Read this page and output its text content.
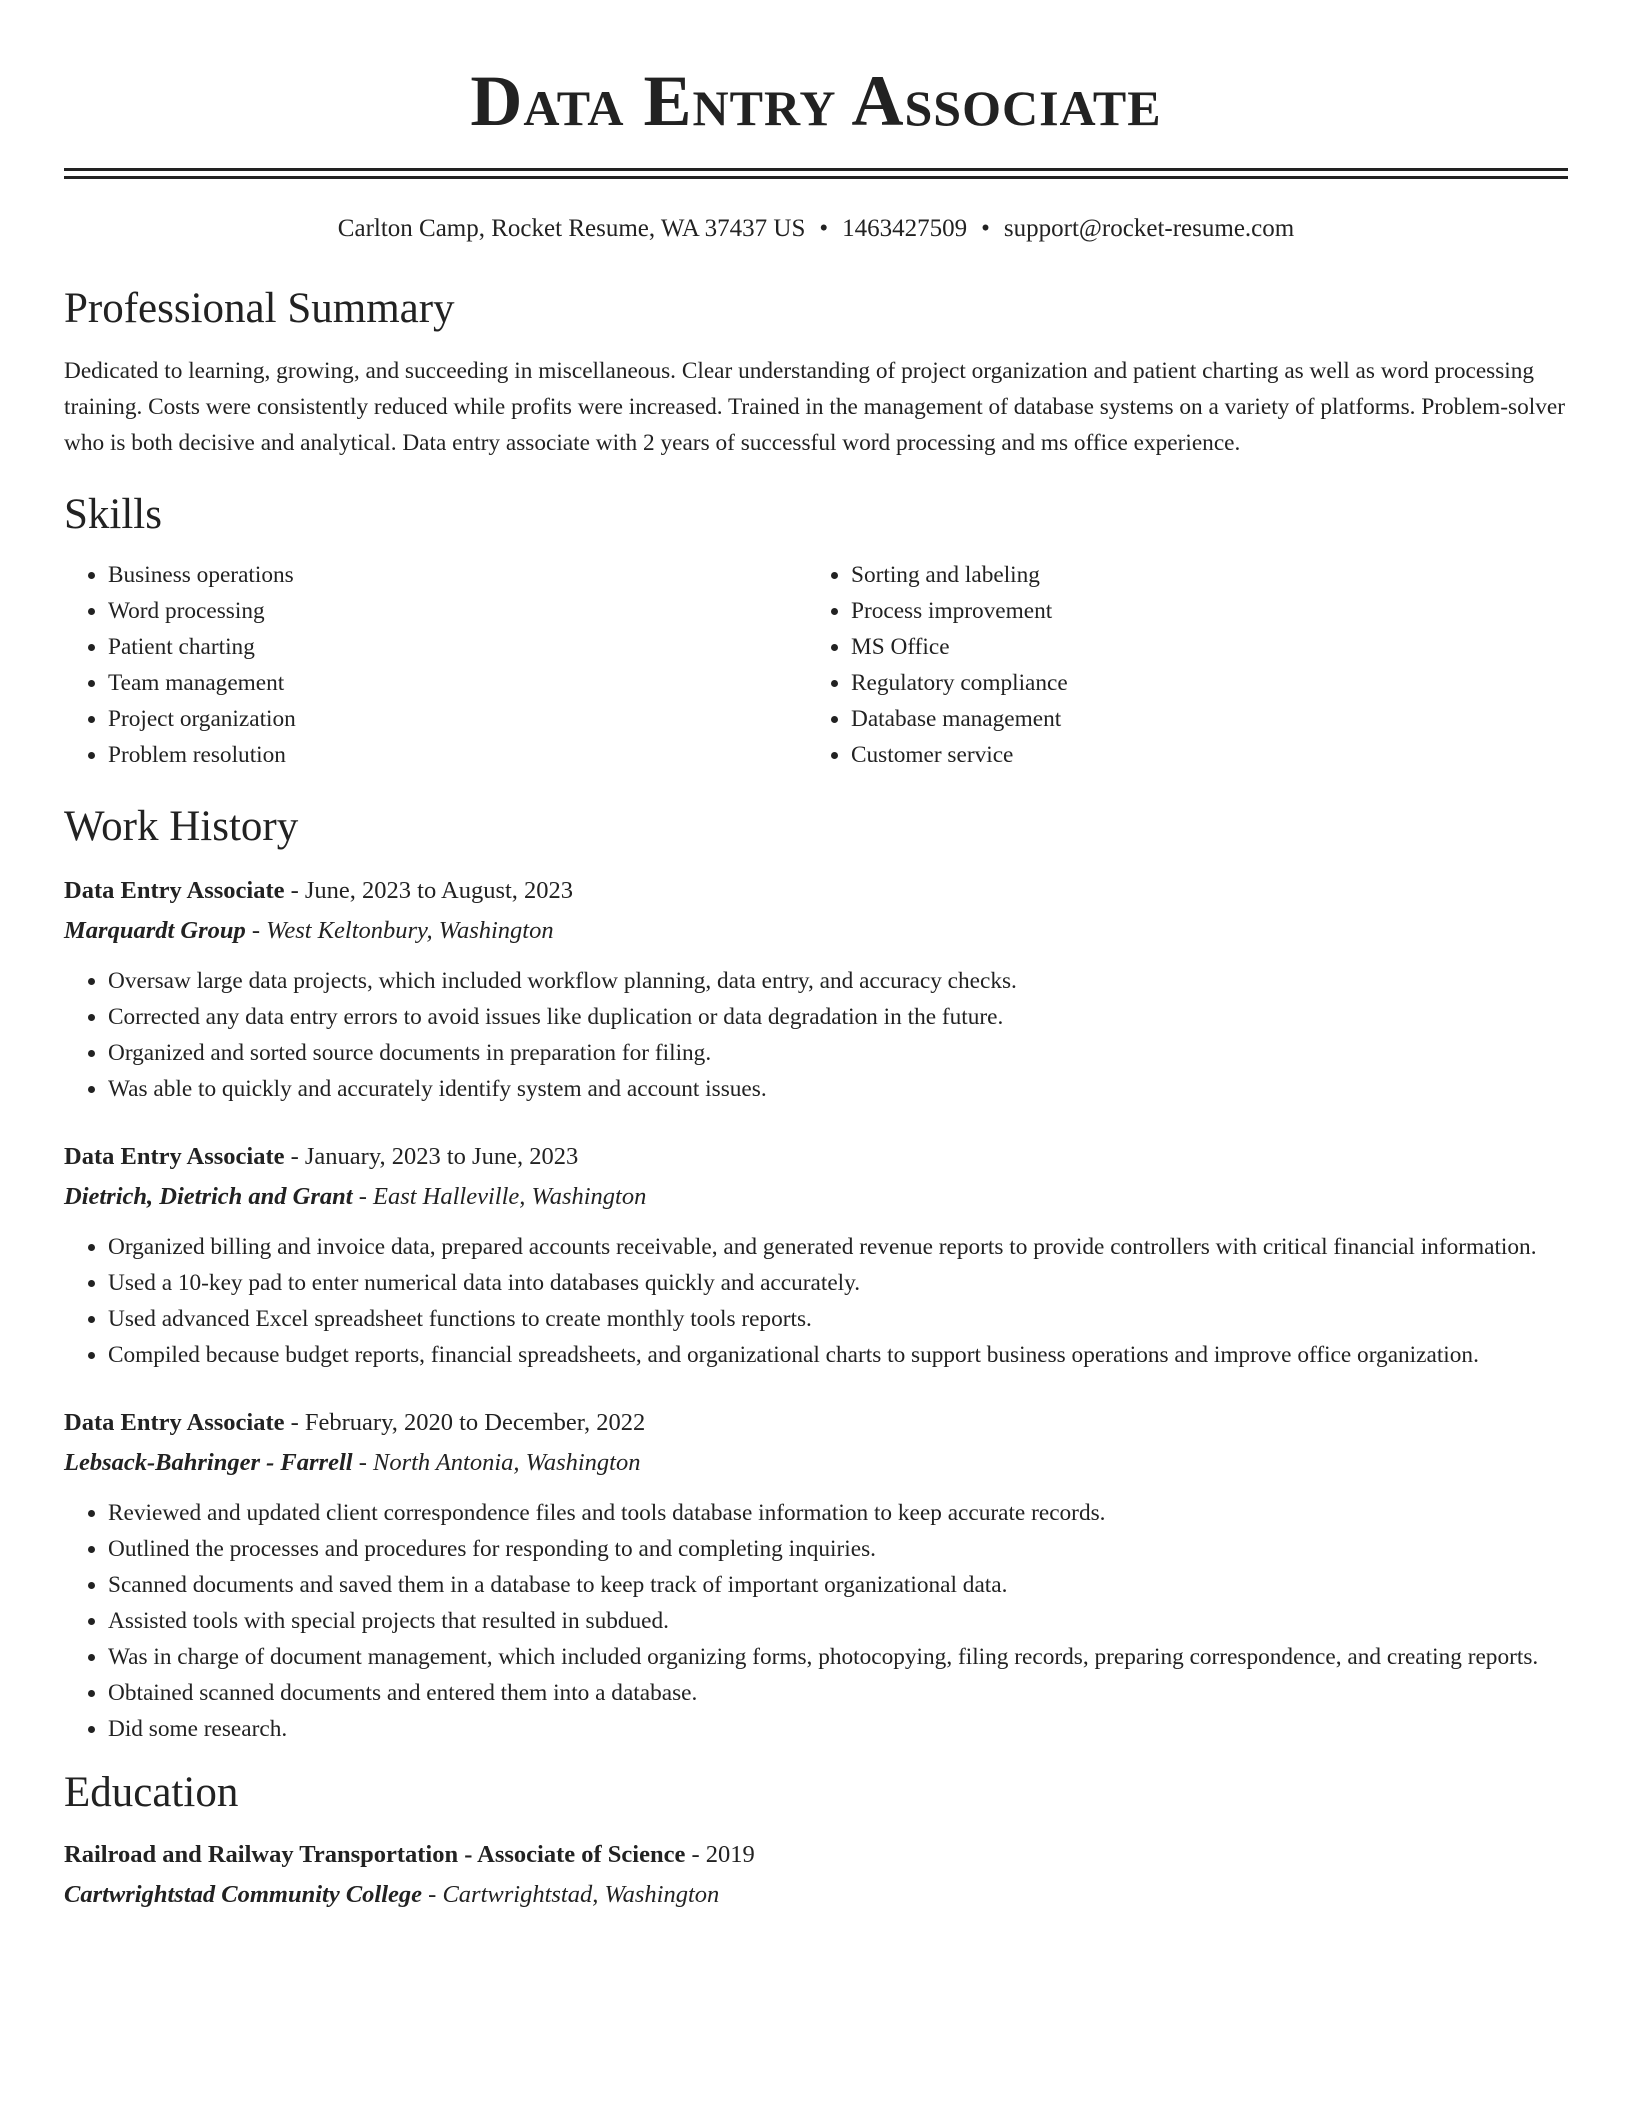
Data Entry Associate
Carlton Camp, Rocket Resume, WA 37437 US • 1463427509 • support@rocket-resume.com
Professional Summary

Dedicated to learning, growing, and succeeding in miscellaneous. Clear understanding of project organization and patient charting as well as word processing training. Costs were consistently reduced while profits were increased. Trained in the management of database systems on a variety of platforms. Problem-solver who is both decisive and analytical. Data entry associate with 2 years of successful word processing and ms office experience.

Skills
• Business operations
• Word processing
• Patient charting
• Team management
• Project organization
• Problem resolution
• Sorting and labeling
• Process improvement
• MS Office
• Regulatory compliance
• Database management
• Customer service
Work History
Data Entry Associate - June, 2023 to August, 2023
Marquardt Group - West Keltonbury, Washington
• Oversaw large data projects, which included workflow planning, data entry, and accuracy checks.
• Corrected any data entry errors to avoid issues like duplication or data degradation in the future.
• Organized and sorted source documents in preparation for filing.
• Was able to quickly and accurately identify system and account issues.
Data Entry Associate - January, 2023 to June, 2023
Dietrich, Dietrich and Grant - East Halleville, Washington
• Organized billing and invoice data, prepared accounts receivable, and generated revenue reports to provide controllers with critical financial information.
• Used a 10-key pad to enter numerical data into databases quickly and accurately.
• Used advanced Excel spreadsheet functions to create monthly tools reports.
• Compiled because budget reports, financial spreadsheets, and organizational charts to support business operations and improve office organization.
Data Entry Associate - February, 2020 to December, 2022
Lebsack-Bahringer - Farrell - North Antonia, Washington
• Reviewed and updated client correspondence files and tools database information to keep accurate records.
• Outlined the processes and procedures for responding to and completing inquiries.
• Scanned documents and saved them in a database to keep track of important organizational data.
• Assisted tools with special projects that resulted in subdued.
• Was in charge of document management, which included organizing forms, photocopying, filing records, preparing correspondence, and creating reports.
• Obtained scanned documents and entered them into a database.
• Did some research.
Education
Railroad and Railway Transportation - Associate of Science - 2019
Cartwrightstad Community College - Cartwrightstad, Washington
